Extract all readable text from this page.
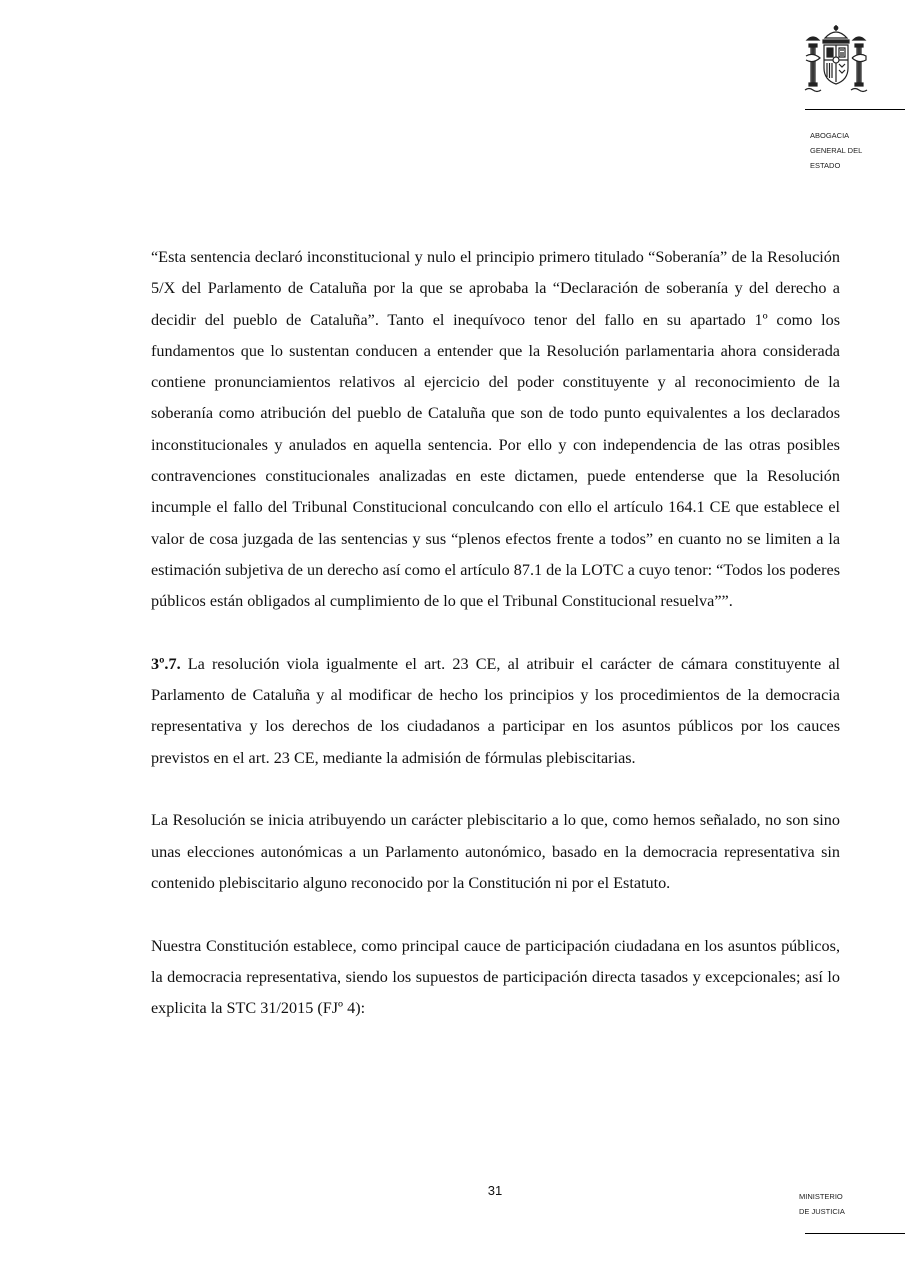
ABOGACIA
GENERAL DEL
ESTADO

“Esta sentencia declaró inconstitucional y nulo el principio primero titulado “Soberanía” de la Resolución 5/X del Parlamento de Cataluña por la que se aprobaba la “Declaración de soberanía y del derecho a decidir del pueblo de Cataluña”. Tanto el inequívoco tenor del fallo en su apartado 1º como los fundamentos que lo sustentan conducen a entender que la Resolución parlamentaria ahora considerada contiene pronunciamientos relativos al ejercicio del poder constituyente y al reconocimiento de la soberanía como atribución del pueblo de Cataluña que son de todo punto equivalentes a los declarados inconstitucionales y anulados en aquella sentencia. Por ello y con independencia de las otras posibles contravenciones constitucionales analizadas en este dictamen, puede entenderse que la Resolución incumple el fallo del Tribunal Constitucional conculcando con ello el artículo 164.1 CE que establece el valor de cosa juzgada de las sentencias y sus “plenos efectos frente a todos” en cuanto no se limiten a la estimación subjetiva de un derecho así como el artículo 87.1 de la LOTC a cuyo tenor: “Todos los poderes públicos están obligados al cumplimiento de lo que el Tribunal Constitucional resuelva””.

3º.7. La resolución viola igualmente el art. 23 CE, al atribuir el carácter de cámara constituyente al Parlamento de Cataluña y al modificar de hecho los principios y los procedimientos de la democracia representativa y los derechos de los ciudadanos a participar en los asuntos públicos por los cauces previstos en el art. 23 CE, mediante la admisión de fórmulas plebiscitarias.

La Resolución se inicia atribuyendo un carácter plebiscitario a lo que, como hemos señalado, no son sino unas elecciones autonómicas a un Parlamento autonómico, basado en la democracia representativa sin contenido plebiscitario alguno reconocido por la Constitución ni por el Estatuto.

Nuestra Constitución establece, como principal cauce de participación ciudadana en los asuntos públicos, la democracia representativa, siendo los supuestos de participación directa tasados y excepcionales; así lo explicita la STC 31/2015 (FJº 4):

31	MINISTERIO
DE JUSTICIA
